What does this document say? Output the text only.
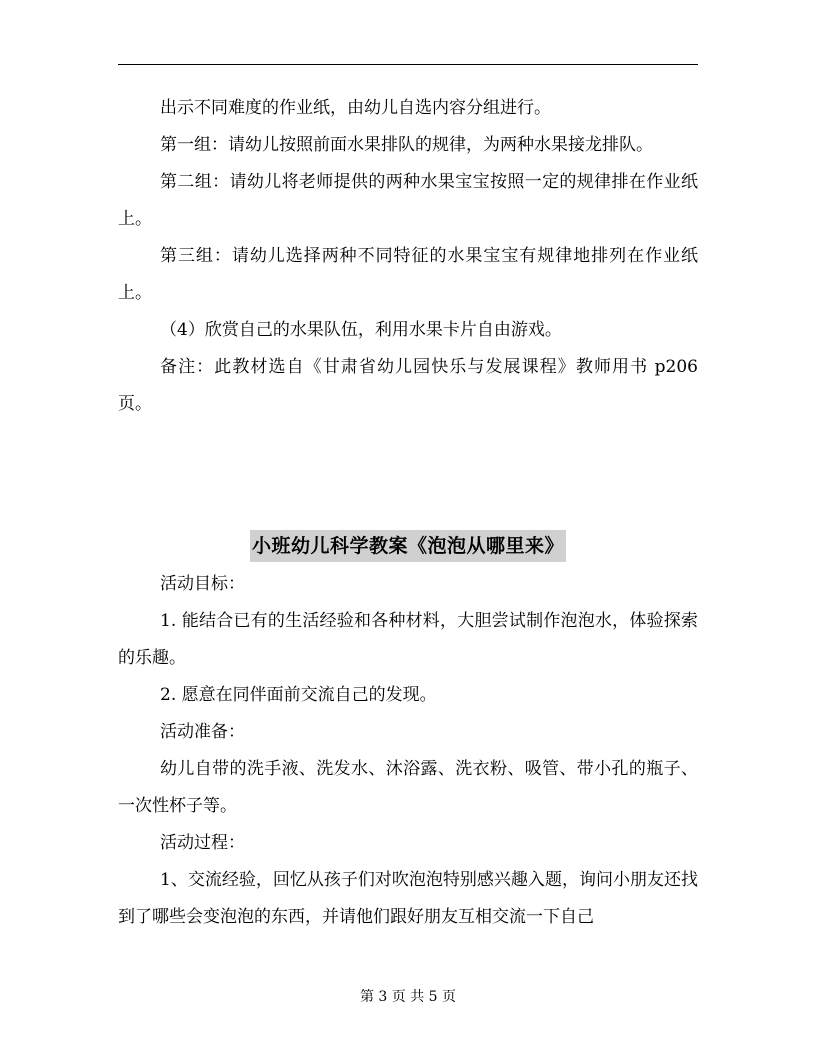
出示不同难度的作业纸，由幼儿自选内容分组进行。

第一组：请幼儿按照前面水果排队的规律，为两种水果接龙排队。

第二组：请幼儿将老师提供的两种水果宝宝按照一定的规律排在作业纸上。

第三组：请幼儿选择两种不同特征的水果宝宝有规律地排列在作业纸上。

（4）欣赏自己的水果队伍，利用水果卡片自由游戏。

备注：此教材选自《甘肃省幼儿园快乐与发展课程》教师用书 p206 页。

小班幼儿科学教案《泡泡从哪里来》

活动目标：

1. 能结合已有的生活经验和各种材料，大胆尝试制作泡泡水，体验探索的乐趣。

2. 愿意在同伴面前交流自己的发现。

活动准备：

幼儿自带的洗手液、洗发水、沐浴露、洗衣粉、吸管、带小孔的瓶子、一次性杯子等。

活动过程：

1、交流经验，回忆从孩子们对吹泡泡特别感兴趣入题，询问小朋友还找到了哪些会变泡泡的东西，并请他们跟好朋友互相交流一下自己

第 3 页 共 5 页
